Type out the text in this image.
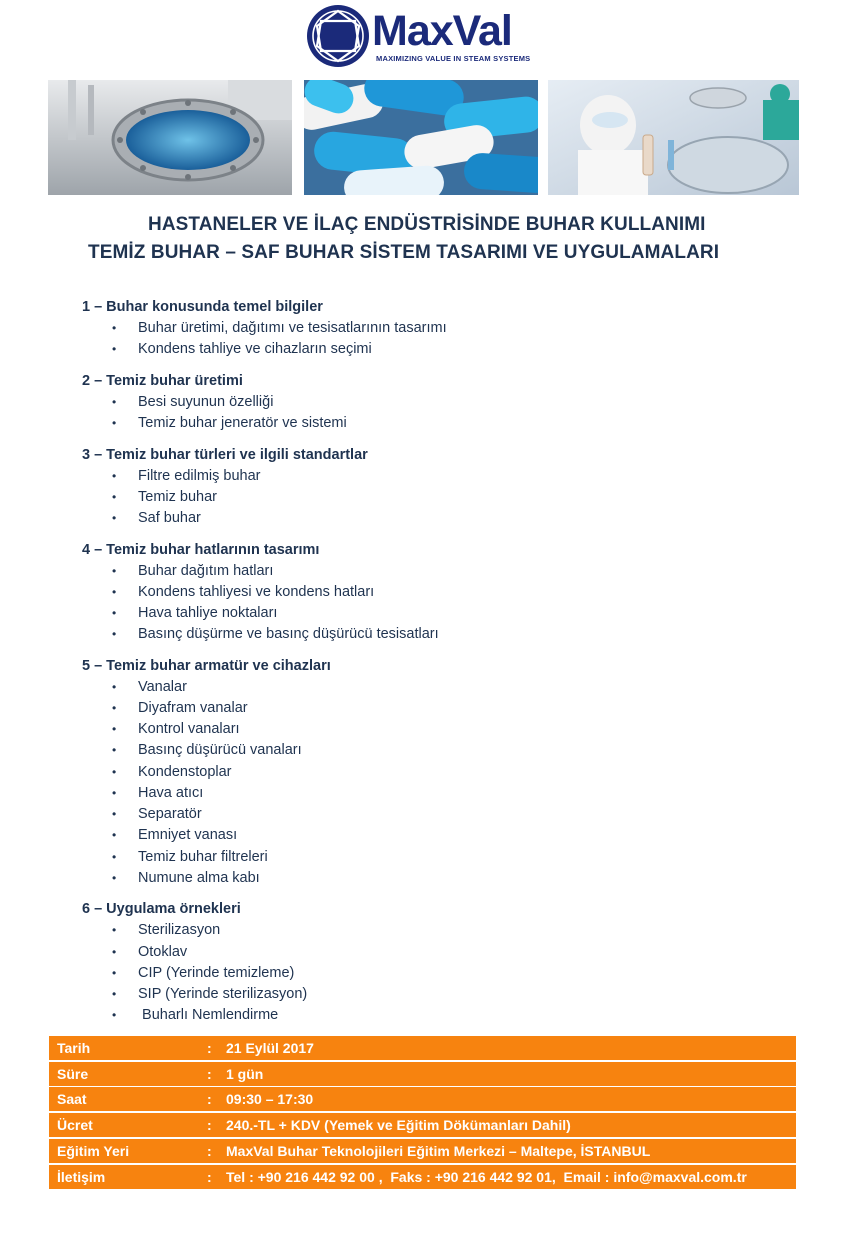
MaxVal
MAXIMIZING VALUE IN STEAM SYSTEMS
HASTANELER VE İLAÇ ENDÜSTRİSİNDE BUHAR KULLANIMI
TEMİZ BUHAR – SAF BUHAR SİSTEM TASARIMI VE UYGULAMALARI
1 – Buhar konusunda temel bilgiler
• Buhar üretimi, dağıtımı ve tesisatlarının tasarımı
• Kondens tahliye ve cihazların seçimi
2 – Temiz buhar üretimi
• Besi suyunun özelliği
• Temiz buhar jeneratör ve sistemi
3 – Temiz buhar türleri ve ilgili standartlar
• Filtre edilmiş buhar
• Temiz buhar
• Saf buhar
4 – Temiz buhar hatlarının tasarımı
• Buhar dağıtım hatları
• Kondens tahliyesi ve kondens hatları
• Hava tahliye noktaları
• Basınç düşürme ve basınç düşürücü tesisatları
5 – Temiz buhar armatür ve cihazları
• Vanalar
• Diyafram vanalar
• Kontrol vanaları
• Basınç düşürücü vanaları
• Kondenstoplar
• Hava atıcı
• Separatör
• Emniyet vanası
• Temiz buhar filtreleri
• Numune alma kabı
6 – Uygulama örnekleri
• Sterilizasyon
• Otoklav
• CIP (Yerinde temizleme)
• SIP (Yerinde sterilizasyon)
• Buharlı Nemlendirme
Tarih	: 21 Eylül 2017
Süre	: 1 gün
Saat	: 09:30 – 17:30
Ücret	: 240.-TL + KDV (Yemek ve Eğitim Dökümanları Dahil)
Eğitim Yeri	: MaxVal Buhar Teknolojileri Eğitim Merkezi – Maltepe, İSTANBUL
İletişim	: Tel : +90 216 442 92 00 ,  Faks : +90 216 442 92 01,  Email : info@maxval.com.tr
